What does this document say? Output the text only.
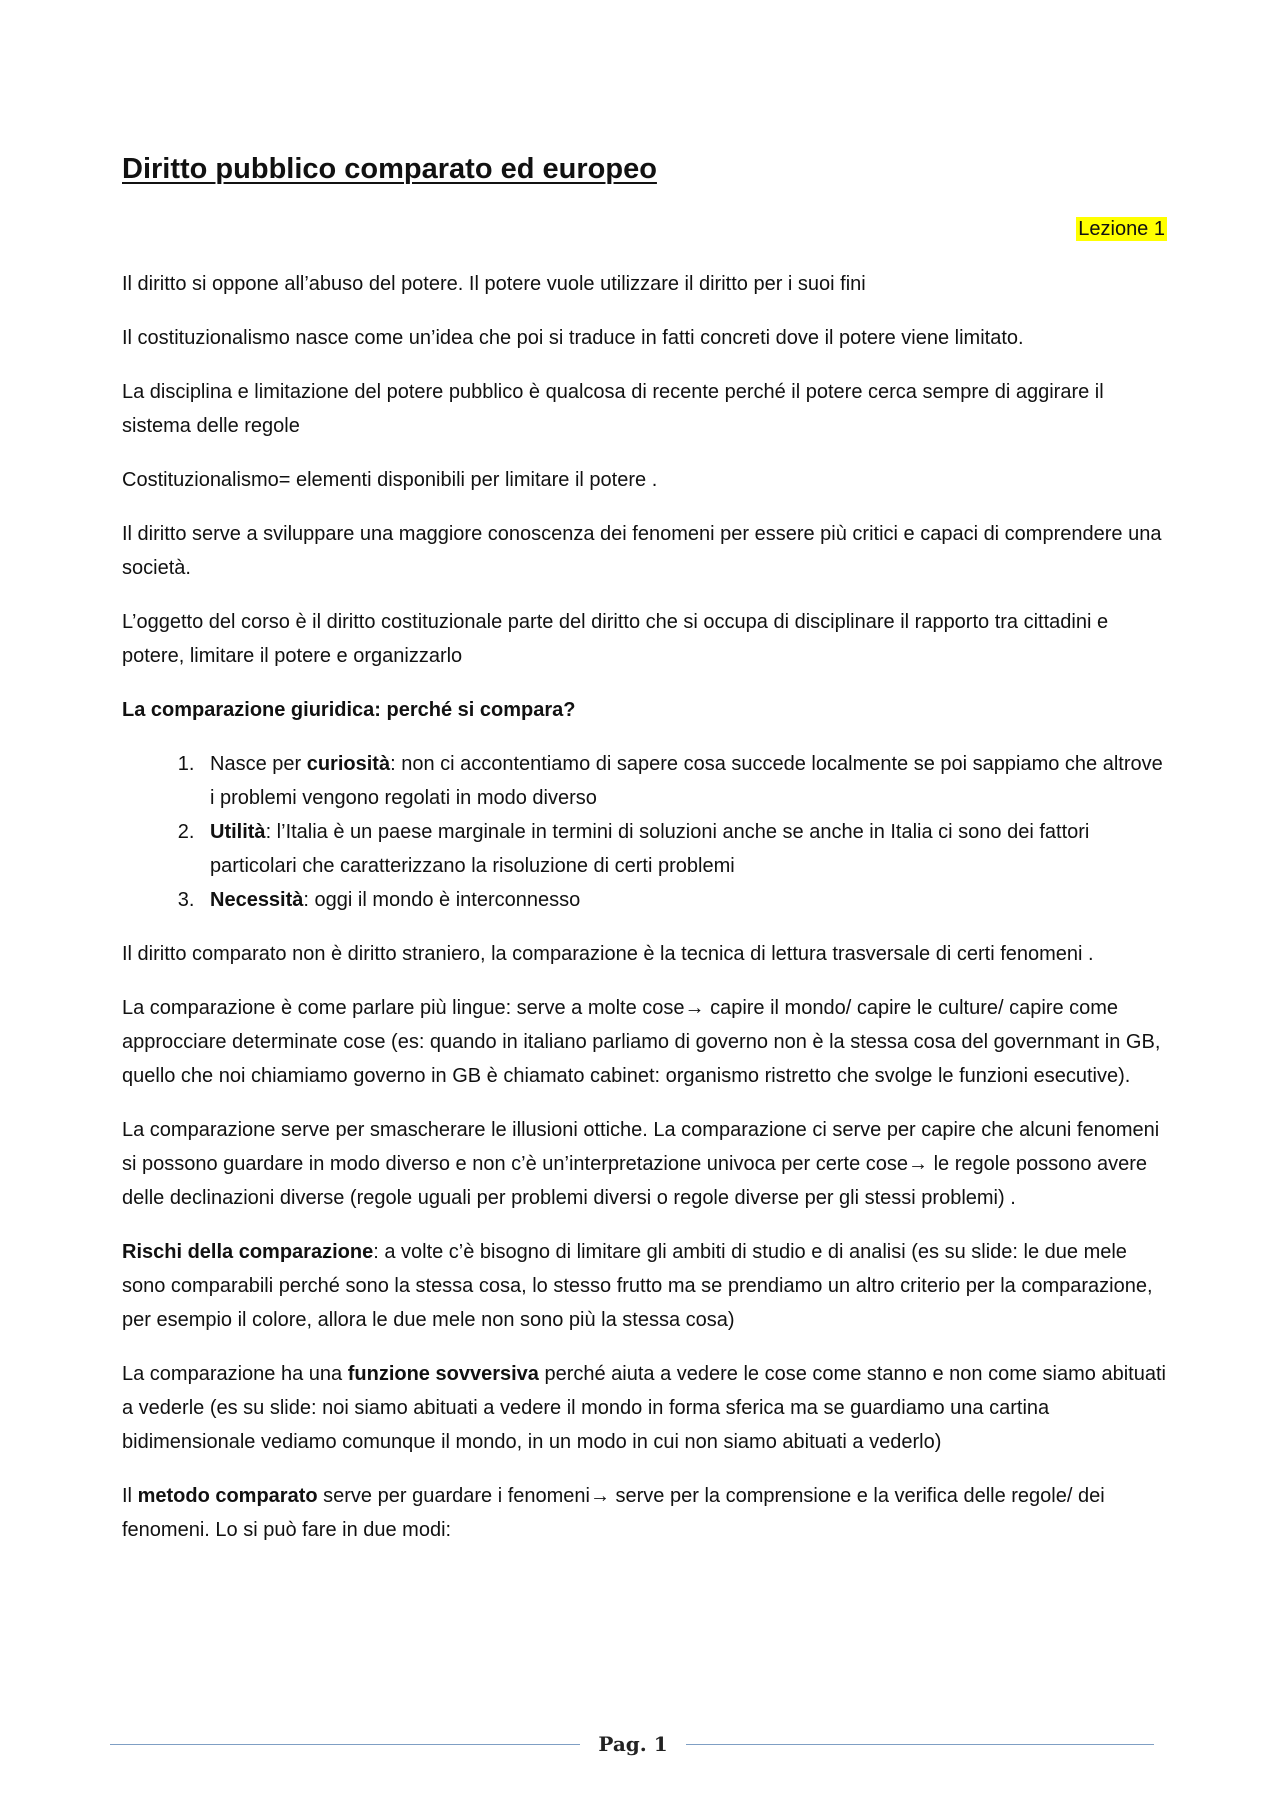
Diritto pubblico comparato ed europeo
Lezione 1

Il diritto si oppone all’abuso del potere. Il potere vuole utilizzare il diritto per i suoi fini

Il costituzionalismo nasce come un’idea che poi si traduce in fatti concreti dove il potere viene limitato.

La disciplina e limitazione del potere pubblico è qualcosa di recente perché il potere cerca sempre di aggirare il sistema delle regole

Costituzionalismo= elementi disponibili per limitare il potere .

Il diritto serve a sviluppare una maggiore conoscenza dei fenomeni per essere più critici e capaci di comprendere una società.

L’oggetto del corso è il diritto costituzionale parte del diritto che si occupa di disciplinare il rapporto tra cittadini e potere, limitare il potere e organizzarlo

La comparazione giuridica: perché si compara?

1. Nasce per curiosità: non ci accontentiamo di sapere cosa succede localmente se poi sappiamo che altrove i problemi vengono regolati in modo diverso
2. Utilità: l’Italia è un paese marginale in termini di soluzioni anche se anche in Italia ci sono dei fattori particolari che caratterizzano la risoluzione di certi problemi
3. Necessità: oggi il mondo è interconnesso

Il diritto comparato non è diritto straniero, la comparazione è la tecnica di lettura trasversale di certi fenomeni .

La comparazione è come parlare più lingue: serve a molte cose→ capire il mondo/ capire le culture/ capire come approcciare determinate cose (es: quando in italiano parliamo di governo non è la stessa cosa del governmant in GB, quello che noi chiamiamo governo in GB è chiamato cabinet: organismo ristretto che svolge le funzioni esecutive).

La comparazione serve per smascherare le illusioni ottiche. La comparazione ci serve per capire che alcuni fenomeni si possono guardare in modo diverso e non c’è un’interpretazione univoca per certe cose→ le regole possono avere delle declinazioni diverse (regole uguali per problemi diversi o regole diverse per gli stessi problemi) .

Rischi della comparazione: a volte c’è bisogno di limitare gli ambiti di studio e di analisi (es su slide: le due mele sono comparabili perché sono la stessa cosa, lo stesso frutto ma se prendiamo un altro criterio per la comparazione, per esempio il colore, allora le due mele non sono più la stessa cosa)

La comparazione ha una funzione sovversiva perché aiuta a vedere le cose come stanno e non come siamo abituati a vederle (es su slide: noi siamo abituati a vedere il mondo in forma sferica ma se guardiamo una cartina bidimensionale vediamo comunque il mondo, in un modo in cui non siamo abituati a vederlo)

Il metodo comparato serve per guardare i fenomeni→ serve per la comprensione e la verifica delle regole/ dei fenomeni. Lo si può fare in due modi:

Pag. 1
